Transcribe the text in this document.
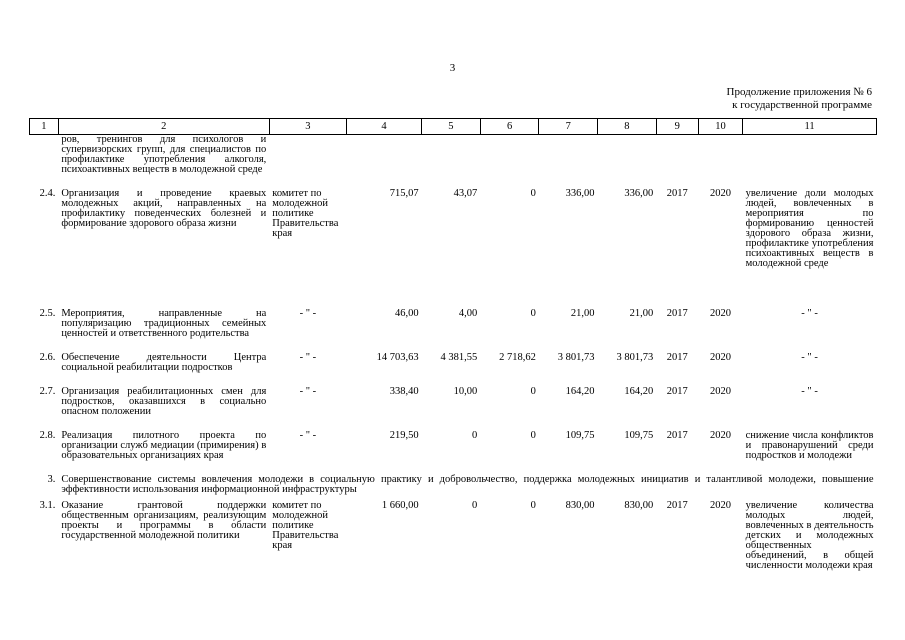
3
Продолжение приложения № 6
к государственной программе
1	2	3	4	5	6	7	8	9	10	11
	ров, тренингов для психологов и супервизорских групп, для специалистов по профилактике употребления алкоголя, психоактивных веществ в молодежной среде									
2.4.	Организация и проведение краевых молодежных акций, направленных на профилактику поведенческих болезней и формирование здорового образа жизни	комитет по молодежной политике Правительства края	715,07	43,07	0	336,00	336,00	2017	2020	увеличение доли молодых людей, вовлеченных в мероприятия по формированию ценностей здорового образа жизни, профилактике употребления психоактивных веществ в молодежной среде
2.5.	Мероприятия, направленные на популяризацию традиционных семейных ценностей и ответственного родительства	- " -	46,00	4,00	0	21,00	21,00	2017	2020	- " -
2.6.	Обеспечение деятельности Центра социальной реабилитации подростков	- " -	14 703,63	4 381,55	2 718,62	3 801,73	3 801,73	2017	2020	- " -
2.7.	Организация реабилитационных смен для подростков, оказавшихся в социально опасном положении	- " -	338,40	10,00	0	164,20	164,20	2017	2020	- " -
2.8.	Реализация пилотного проекта по организации служб медиации (примирения) в образовательных организациях края	- " -	219,50	0	0	109,75	109,75	2017	2020	снижение числа конфликтов и правонарушений среди подростков и молодежи
3.	Совершенствование системы вовлечения молодежи в социальную практику и добровольчество, поддержка молодежных инициатив и талантливой молодежи, повышение эффективности использования информационной инфраструктуры									
3.1.	Оказание грантовой поддержки общественным организациям, реализующим проекты и программы в области государственной молодежной политики	комитет по молодежной политике Правительства края	1 660,00	0	0	830,00	830,00	2017	2020	увеличение количества молодых людей, вовлеченных в деятельность детских и молодежных общественных объединений, в общей численности молодежи края
